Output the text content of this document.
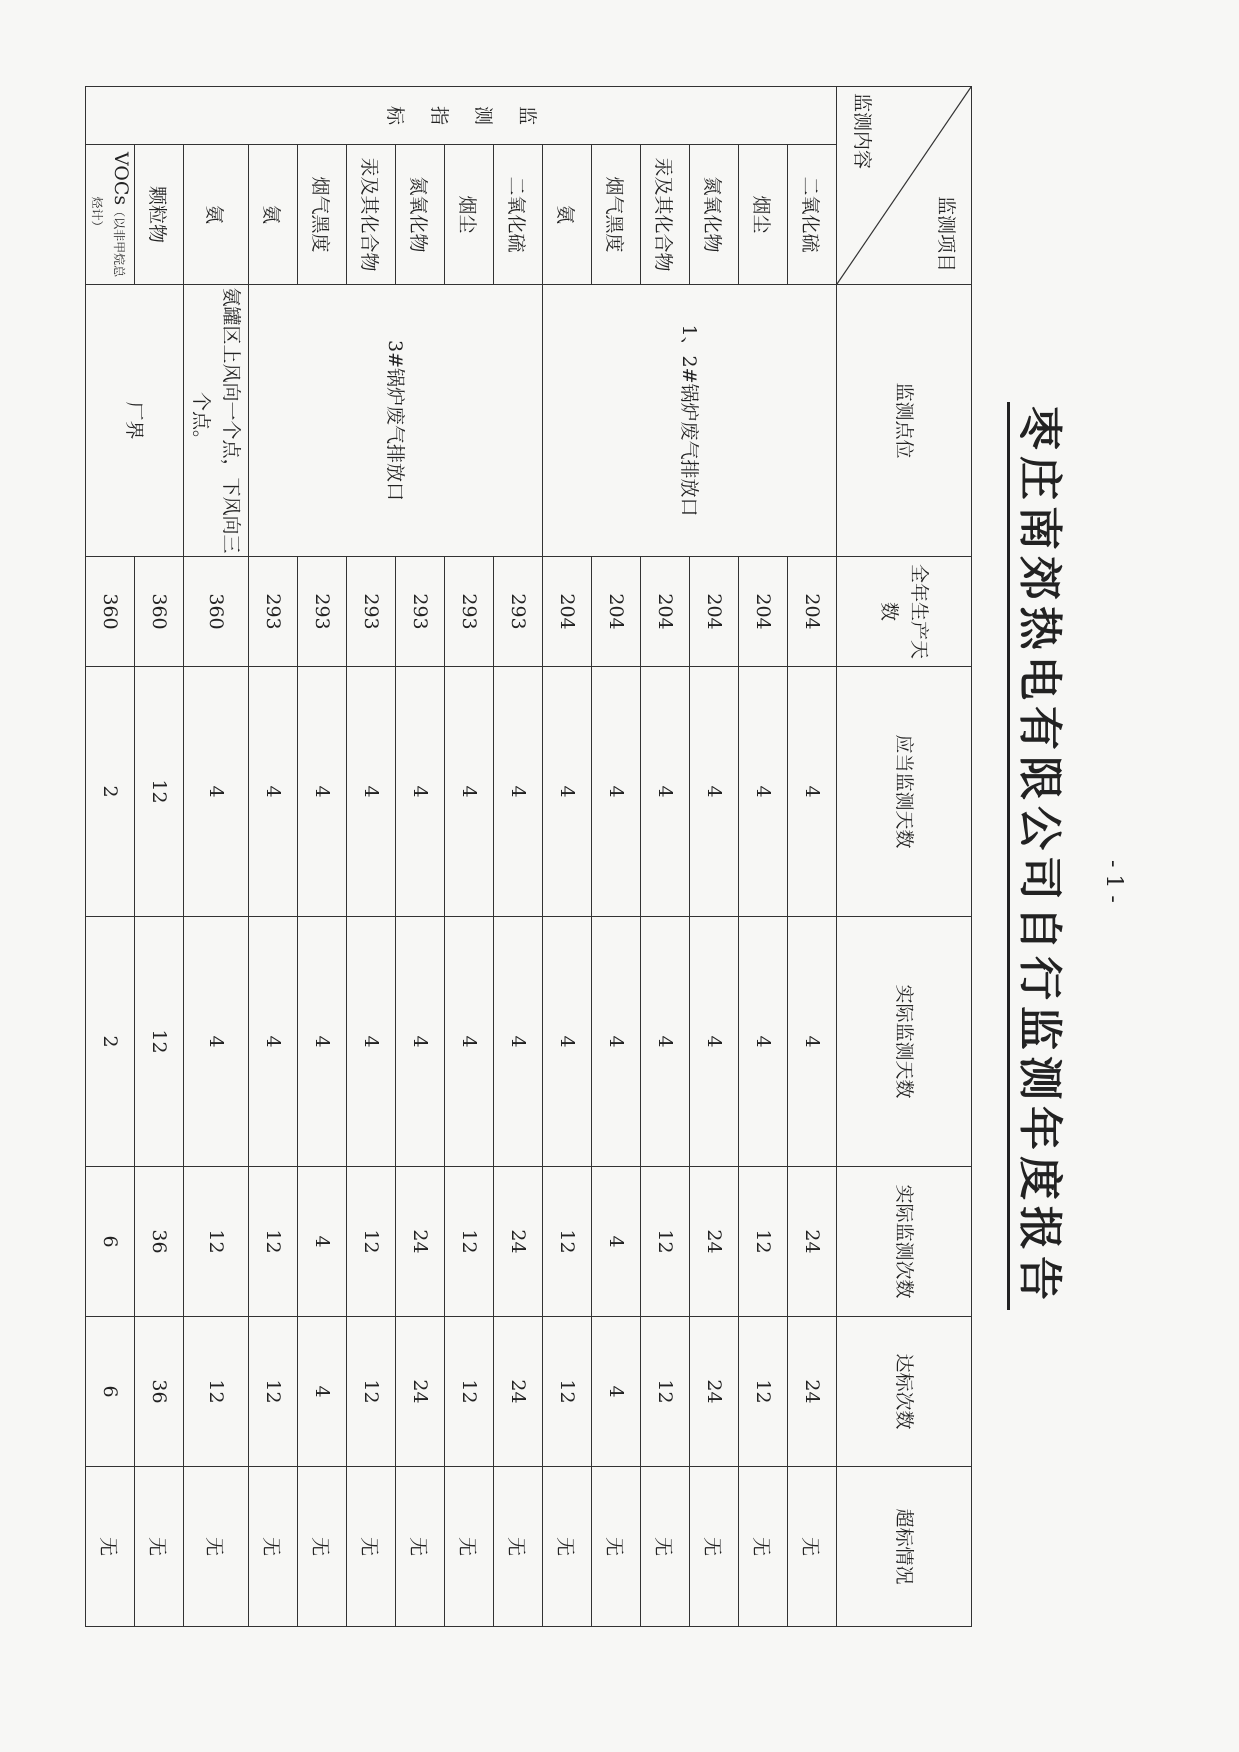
枣庄南郊热电有限公司自行监测年度报告
监测项目
监测内容		监测点位	全年生产天数	应当监测天数	实际监测天数	实际监测次数	达标次数	超标情况

监
测
指
标	二氧化硫	1、2#锅炉废气排放口	204	4	4	24	24	无
	烟尘		204	4	4	12	12	无
	氮氧化物		204	4	4	24	24	无
	汞及其化合物		204	4	4	12	12	无
	烟气黑度		204	4	4	4	4	无
	氨		204	4	4	12	12	无
	二氧化硫	3#锅炉废气排放口	293	4	4	24	24	无
	烟尘		293	4	4	12	12	无
	氮氧化物		293	4	4	24	24	无
	汞及其化合物		293	4	4	12	12	无
	烟气黑度		293	4	4	4	4	无
	氨		293	4	4	12	12	无
	氨	氨罐区上风向一个点，下风向三个点。	360	4	4	12	12	无
	颗粒物	厂界	360	12	12	36	36	无
	VOCs（以非甲烷总烃计）		360	2	2	6	6	无
- 1 -
